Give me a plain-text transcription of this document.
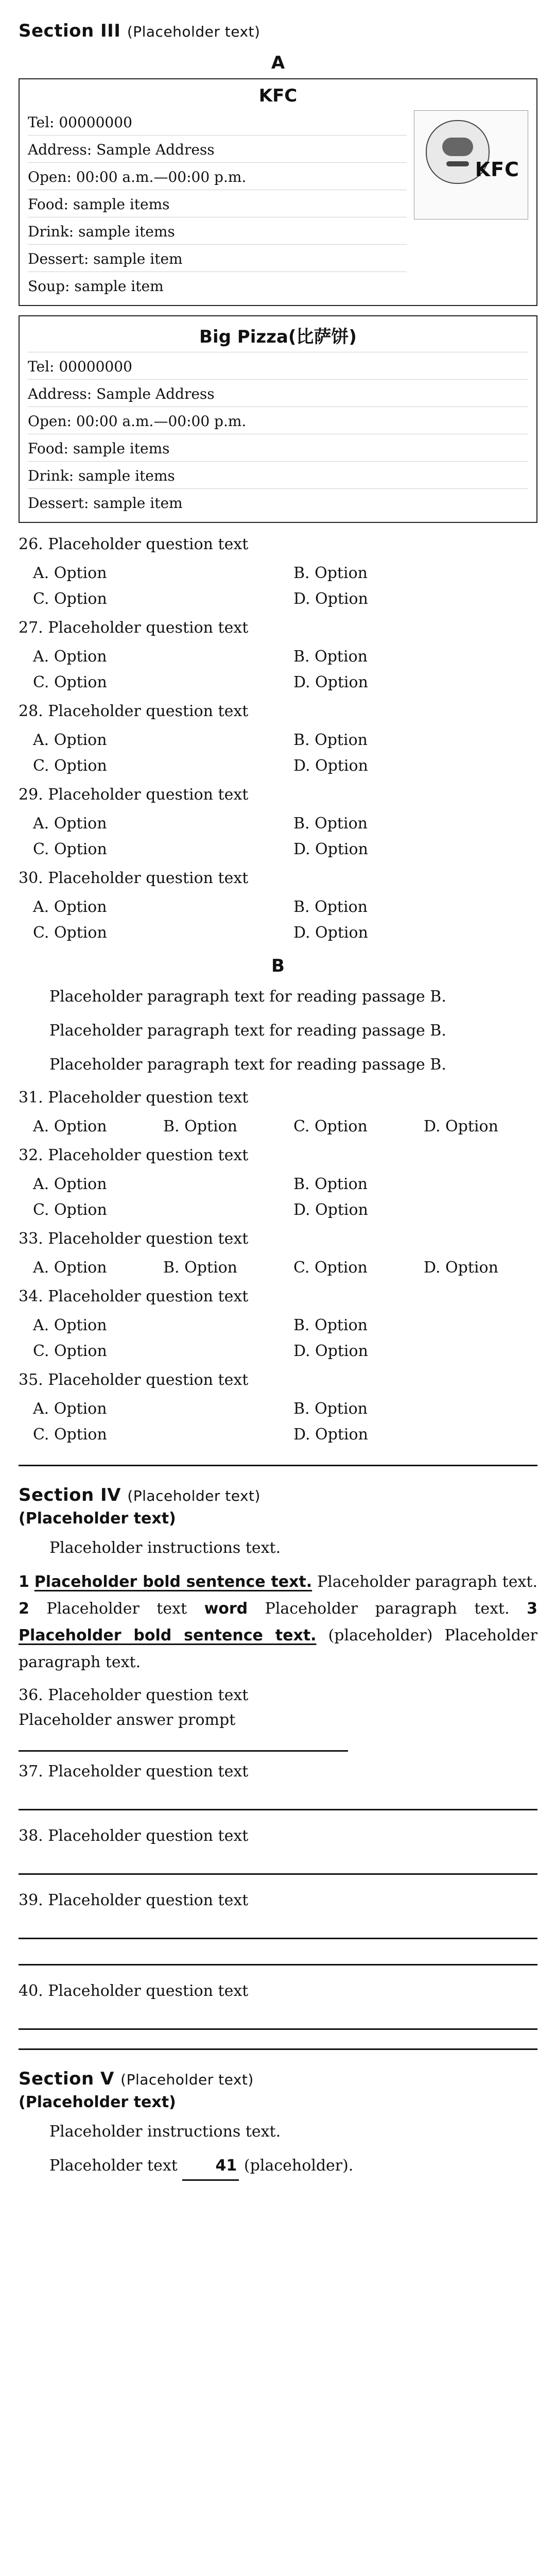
Section III (Placeholder text)
A
KFC
Tel: 00000000
Address: Sample Address
Open: 00:00 a.m.—00:00 p.m.
Food: sample items
Drink: sample items
Dessert: sample item
Soup: sample item
KFC
Big Pizza(比萨饼)
Tel: 00000000
Address: Sample Address
Open: 00:00 a.m.—00:00 p.m.
Food: sample items
Drink: sample items
Dessert: sample item
26. Placeholder question text
A. Option	B. Option
C. Option	D. Option
27. Placeholder question text
A. Option	B. Option
C. Option	D. Option
28. Placeholder question text
A. Option	B. Option
C. Option	D. Option
29. Placeholder question text
A. Option	B. Option
C. Option	D. Option
30. Placeholder question text
A. Option	B. Option
C. Option	D. Option
B
Placeholder paragraph text for reading passage B.
Placeholder paragraph text for reading passage B.
Placeholder paragraph text for reading passage B.
31. Placeholder question text
A. Option	B. Option	C. Option	D. Option
32. Placeholder question text
A. Option	B. Option
C. Option	D. Option
33. Placeholder question text
A. Option	B. Option	C. Option	D. Option
34. Placeholder question text
A. Option	B. Option
C. Option	D. Option
35. Placeholder question text
A. Option	B. Option
C. Option	D. Option
Section IV (Placeholder text)
(Placeholder text)
Placeholder instructions text.
1 Placeholder bold sentence text. Placeholder paragraph text. 2 Placeholder text word Placeholder paragraph text. 3 Placeholder bold sentence text. (placeholder) Placeholder paragraph text.
36. Placeholder question text
Placeholder answer prompt
37. Placeholder question text
38. Placeholder question text
39. Placeholder question text
40. Placeholder question text
Section V (Placeholder text)
(Placeholder text)
Placeholder instructions text.
Placeholder text 41 (placeholder).
